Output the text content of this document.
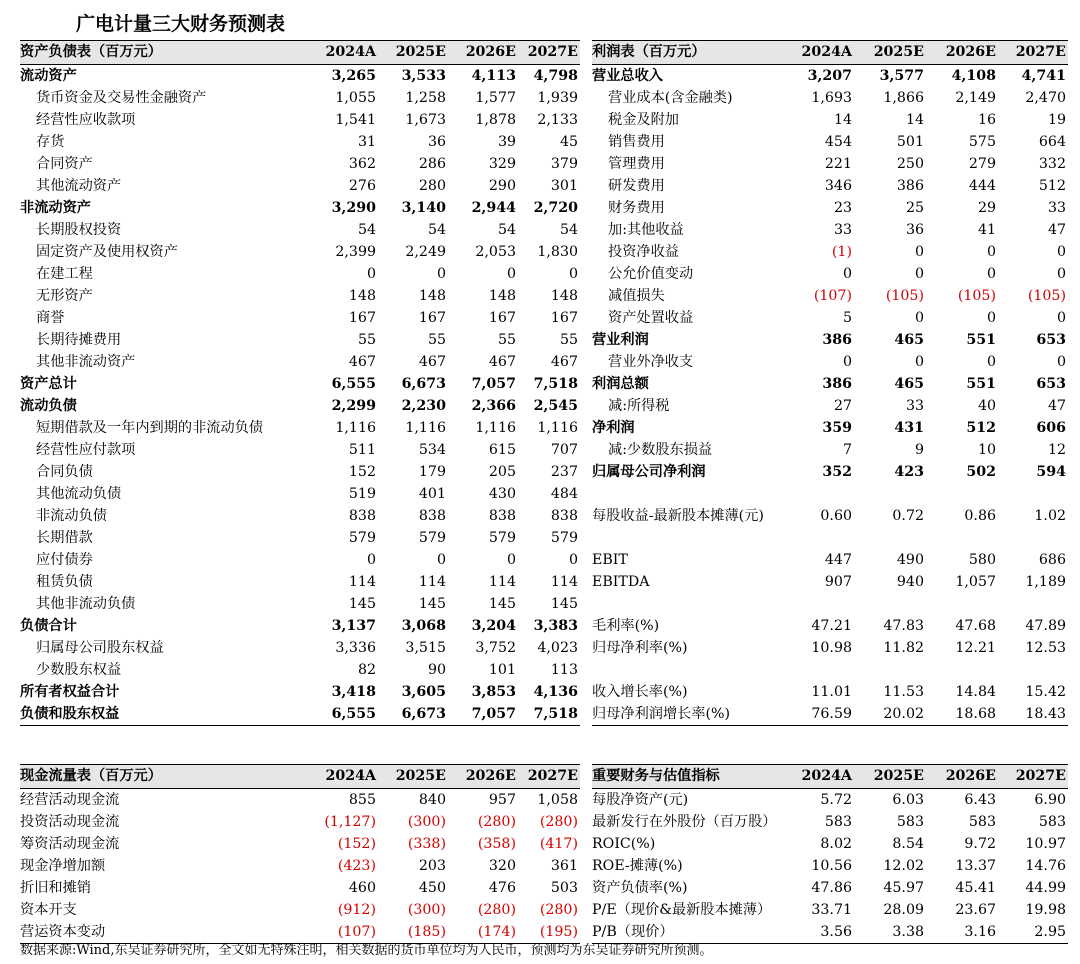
广电计量三大财务预测表
资产负债表（百万元）	2024A	2025E	2026E	2027E
流动资产	3,265	3,533	4,113	4,798
货币资金及交易性金融资产	1,055	1,258	1,577	1,939
经营性应收款项	1,541	1,673	1,878	2,133
存货	31	36	39	45
合同资产	362	286	329	379
其他流动资产	276	280	290	301
非流动资产	3,290	3,140	2,944	2,720
长期股权投资	54	54	54	54
固定资产及使用权资产	2,399	2,249	2,053	1,830
在建工程	0	0	0	0
无形资产	148	148	148	148
商誉	167	167	167	167
长期待摊费用	55	55	55	55
其他非流动资产	467	467	467	467
资产总计	6,555	6,673	7,057	7,518
流动负债	2,299	2,230	2,366	2,545
短期借款及一年内到期的非流动负债	1,116	1,116	1,116	1,116
经营性应付款项	511	534	615	707
合同负债	152	179	205	237
其他流动负债	519	401	430	484
非流动负债	838	838	838	838
长期借款	579	579	579	579
应付债券	0	0	0	0
租赁负债	114	114	114	114
其他非流动负债	145	145	145	145
负债合计	3,137	3,068	3,204	3,383
归属母公司股东权益	3,336	3,515	3,752	4,023
少数股东权益	82	90	101	113
所有者权益合计	3,418	3,605	3,853	4,136
负债和股东权益	6,555	6,673	7,057	7,518
利润表（百万元）	2024A	2025E	2026E	2027E
营业总收入	3,207	3,577	4,108	4,741
营业成本(含金融类)	1,693	1,866	2,149	2,470
税金及附加	14	14	16	19
销售费用	454	501	575	664
管理费用	221	250	279	332
研发费用	346	386	444	512
财务费用	23	25	29	33
加:其他收益	33	36	41	47
投资净收益	(1)	0	0	0
公允价值变动	0	0	0	0
减值损失	(107)	(105)	(105)	(105)
资产处置收益	5	0	0	0
营业利润	386	465	551	653
营业外净收支	0	0	0	0
利润总额	386	465	551	653
减:所得税	27	33	40	47
净利润	359	431	512	606
减:少数股东损益	7	9	10	12
归属母公司净利润	352	423	502	594

每股收益-最新股本摊薄(元)	0.60	0.72	0.86	1.02

EBIT	447	490	580	686
EBITDA	907	940	1,057	1,189

毛利率(%)	47.21	47.83	47.68	47.89
归母净利率(%)	10.98	11.82	12.21	12.53

收入增长率(%)	11.01	11.53	14.84	15.42
归母净利润增长率(%)	76.59	20.02	18.68	18.43
现金流量表（百万元）	2024A	2025E	2026E	2027E
经营活动现金流	855	840	957	1,058
投资活动现金流	(1,127)	(300)	(280)	(280)
筹资活动现金流	(152)	(338)	(358)	(417)
现金净增加额	(423)	203	320	361
折旧和摊销	460	450	476	503
资本开支	(912)	(300)	(280)	(280)
营运资本变动	(107)	(185)	(174)	(195)
重要财务与估值指标	2024A	2025E	2026E	2027E
每股净资产(元)	5.72	6.03	6.43	6.90
最新发行在外股份（百万股）	583	583	583	583
ROIC(%)	8.02	8.54	9.72	10.97
ROE-摊薄(%)	10.56	12.02	13.37	14.76
资产负债率(%)	47.86	45.97	45.41	44.99
P/E（现价&最新股本摊薄）	33.71	28.09	23.67	19.98
P/B（现价）	3.56	3.38	3.16	2.95
数据来源:Wind,东吴证券研究所，全文如无特殊注明，相关数据的货币单位均为人民币，预测均为东吴证券研究所预测。
